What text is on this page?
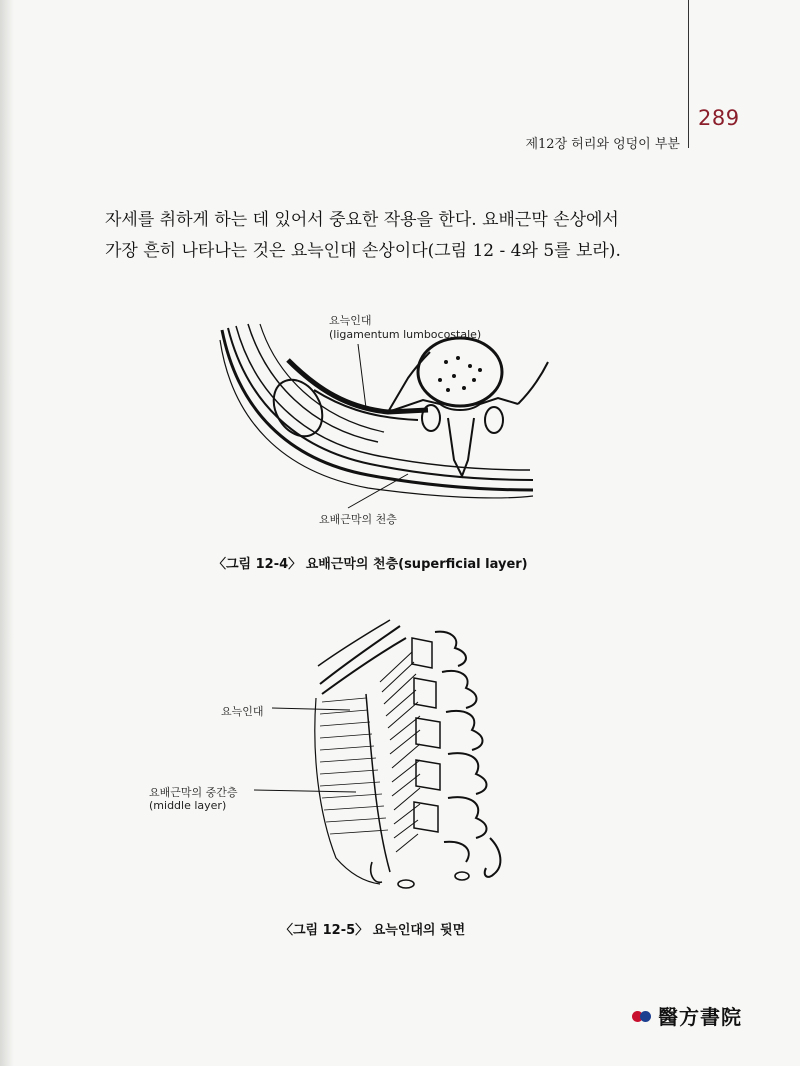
289
제12장 허리와 엉덩이 부분

자세를 취하게 하는 데 있어서 중요한 작용을 한다. 요배근막 손상에서

가장 흔히 나타나는 것은 요늑인대 손상이다(그림 12 - 4와 5를 보라).

요늑인대
(ligamentum lumbocostale)
요배근막의 천층
〈그림 12-4〉 요배근막의 천층(superficial layer)
요늑인대
요배근막의 중간층
(middle layer)
〈그림 12-5〉 요늑인대의 뒷면
醫方書院
